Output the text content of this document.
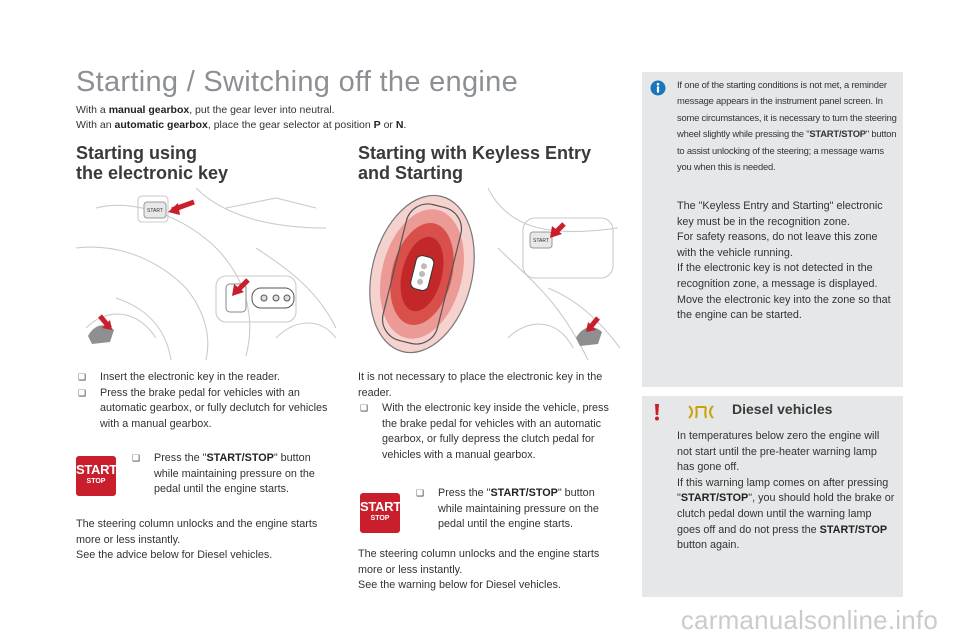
Starting / Switching off the engine
With a manual gearbox, put the gear lever into neutral.
With an automatic gearbox, place the gear selector at position P or N.
Starting using
the electronic key
START
❑ Insert the electronic key in the reader.
❑ Press the brake pedal for vehicles with an automatic gearbox, or fully declutch for vehicles with a manual gearbox.
START
STOP
❑ Press the "START/STOP" button while maintaining pressure on the pedal until the engine starts.
The steering column unlocks and the engine starts more or less instantly.
See the advice below for Diesel vehicles.
Starting with Keyless Entry
and Starting
START
It is not necessary to place the electronic key in the reader.
❑ With the electronic key inside the vehicle, press the brake pedal for vehicles with an automatic gearbox, or fully depress the clutch pedal for vehicles with a manual gearbox.
START
STOP
❑ Press the "START/STOP" button while maintaining pressure on the pedal until the engine starts.
The steering column unlocks and the engine starts more or less instantly.
See the warning below for Diesel vehicles.
If one of the starting conditions is not met, a reminder message appears in the instrument panel screen. In some circumstances, it is necessary to turn the steering wheel slightly while pressing the "START/STOP" button to assist unlocking of the steering; a message warns you when this is needed.
The "Keyless Entry and Starting" electronic key must be in the recognition zone.
For safety reasons, do not leave this zone with the vehicle running.
If the electronic key is not detected in the recognition zone, a message is displayed. Move the electronic key into the zone so that the engine can be started.
Diesel vehicles
In temperatures below zero the engine will not start until the pre-heater warning lamp has gone off.
If this warning lamp comes on after pressing "START/STOP", you should hold the brake or clutch pedal down until the warning lamp goes off and do not press the START/STOP button again.
carmanualsonline.info
